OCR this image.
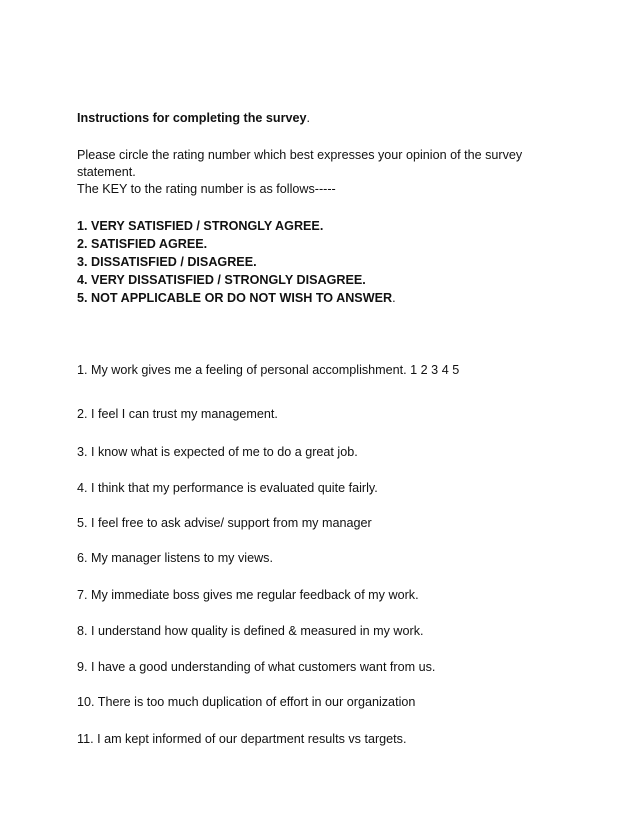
Instructions for completing the survey.
Please circle the rating number which best expresses your opinion of the survey
statement.
The KEY to the rating number is as follows-----
1. VERY SATISFIED / STRONGLY AGREE.
2. SATISFIED AGREE.
3. DISSATISFIED / DISAGREE.
4. VERY DISSATISFIED / STRONGLY DISAGREE.
5. NOT APPLICABLE OR DO NOT WISH TO ANSWER.
1. My work gives me a feeling of personal accomplishment. 1 2 3 4 5
2. I feel I can trust my management.
3. I know what is expected of me to do a great job.
4. I think that my performance is evaluated quite fairly.
5. I feel free to ask advise/ support from my manager
6. My manager listens to my views.
7. My immediate boss gives me regular feedback of my work.
8. I understand how quality is defined & measured in my work.
9. I have a good understanding of what customers want from us.
10. There is too much duplication of effort in our organization
11. I am kept informed of our department results vs targets.
